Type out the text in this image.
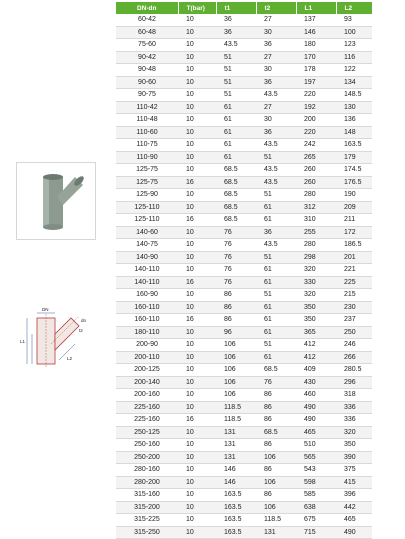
DN
L1
L2
t2
dn
DN-dn	T(bar)	t1	t2	L1	L2
60-42	10	36	27	137	93
60-48	10	36	30	146	100
75-60	10	43.5	36	180	123
90-42	10	51	27	170	116
90-48	10	51	30	178	122
90-60	10	51	36	197	134
90-75	10	51	43.5	220	148.5
110-42	10	61	27	192	130
110-48	10	61	30	200	136
110-60	10	61	36	220	148
110-75	10	61	43.5	242	163.5
110-90	10	61	51	265	179
125-75	10	68.5	43.5	260	174.5
125-75	16	68.5	43.5	260	176.5
125-90	10	68.5	51	280	190
125-110	10	68.5	61	312	209
125-110	16	68.5	61	310	211
140-60	10	76	36	255	172
140-75	10	76	43.5	280	186.5
140-90	10	76	51	298	201
140-110	10	76	61	320	221
140-110	16	76	61	330	225
160-90	10	86	51	320	215
160-110	10	86	61	350	230
160-110	16	86	61	350	237
180-110	10	96	61	365	250
200-90	10	106	51	412	246
200-110	10	106	61	412	266
200-125	10	106	68.5	409	280.5
200-140	10	106	76	430	296
200-160	10	106	86	460	318
225-160	10	118.5	86	490	336
225-160	16	118.5	86	490	336
250-125	10	131	68.5	465	320
250-160	10	131	86	510	350
250-200	10	131	106	565	390
280-160	10	146	86	543	375
280-200	10	146	106	598	415
315-160	10	163.5	86	585	396
315-200	10	163.5	106	638	442
315-225	10	163.5	118.5	675	465
315-250	10	163.5	131	715	490
